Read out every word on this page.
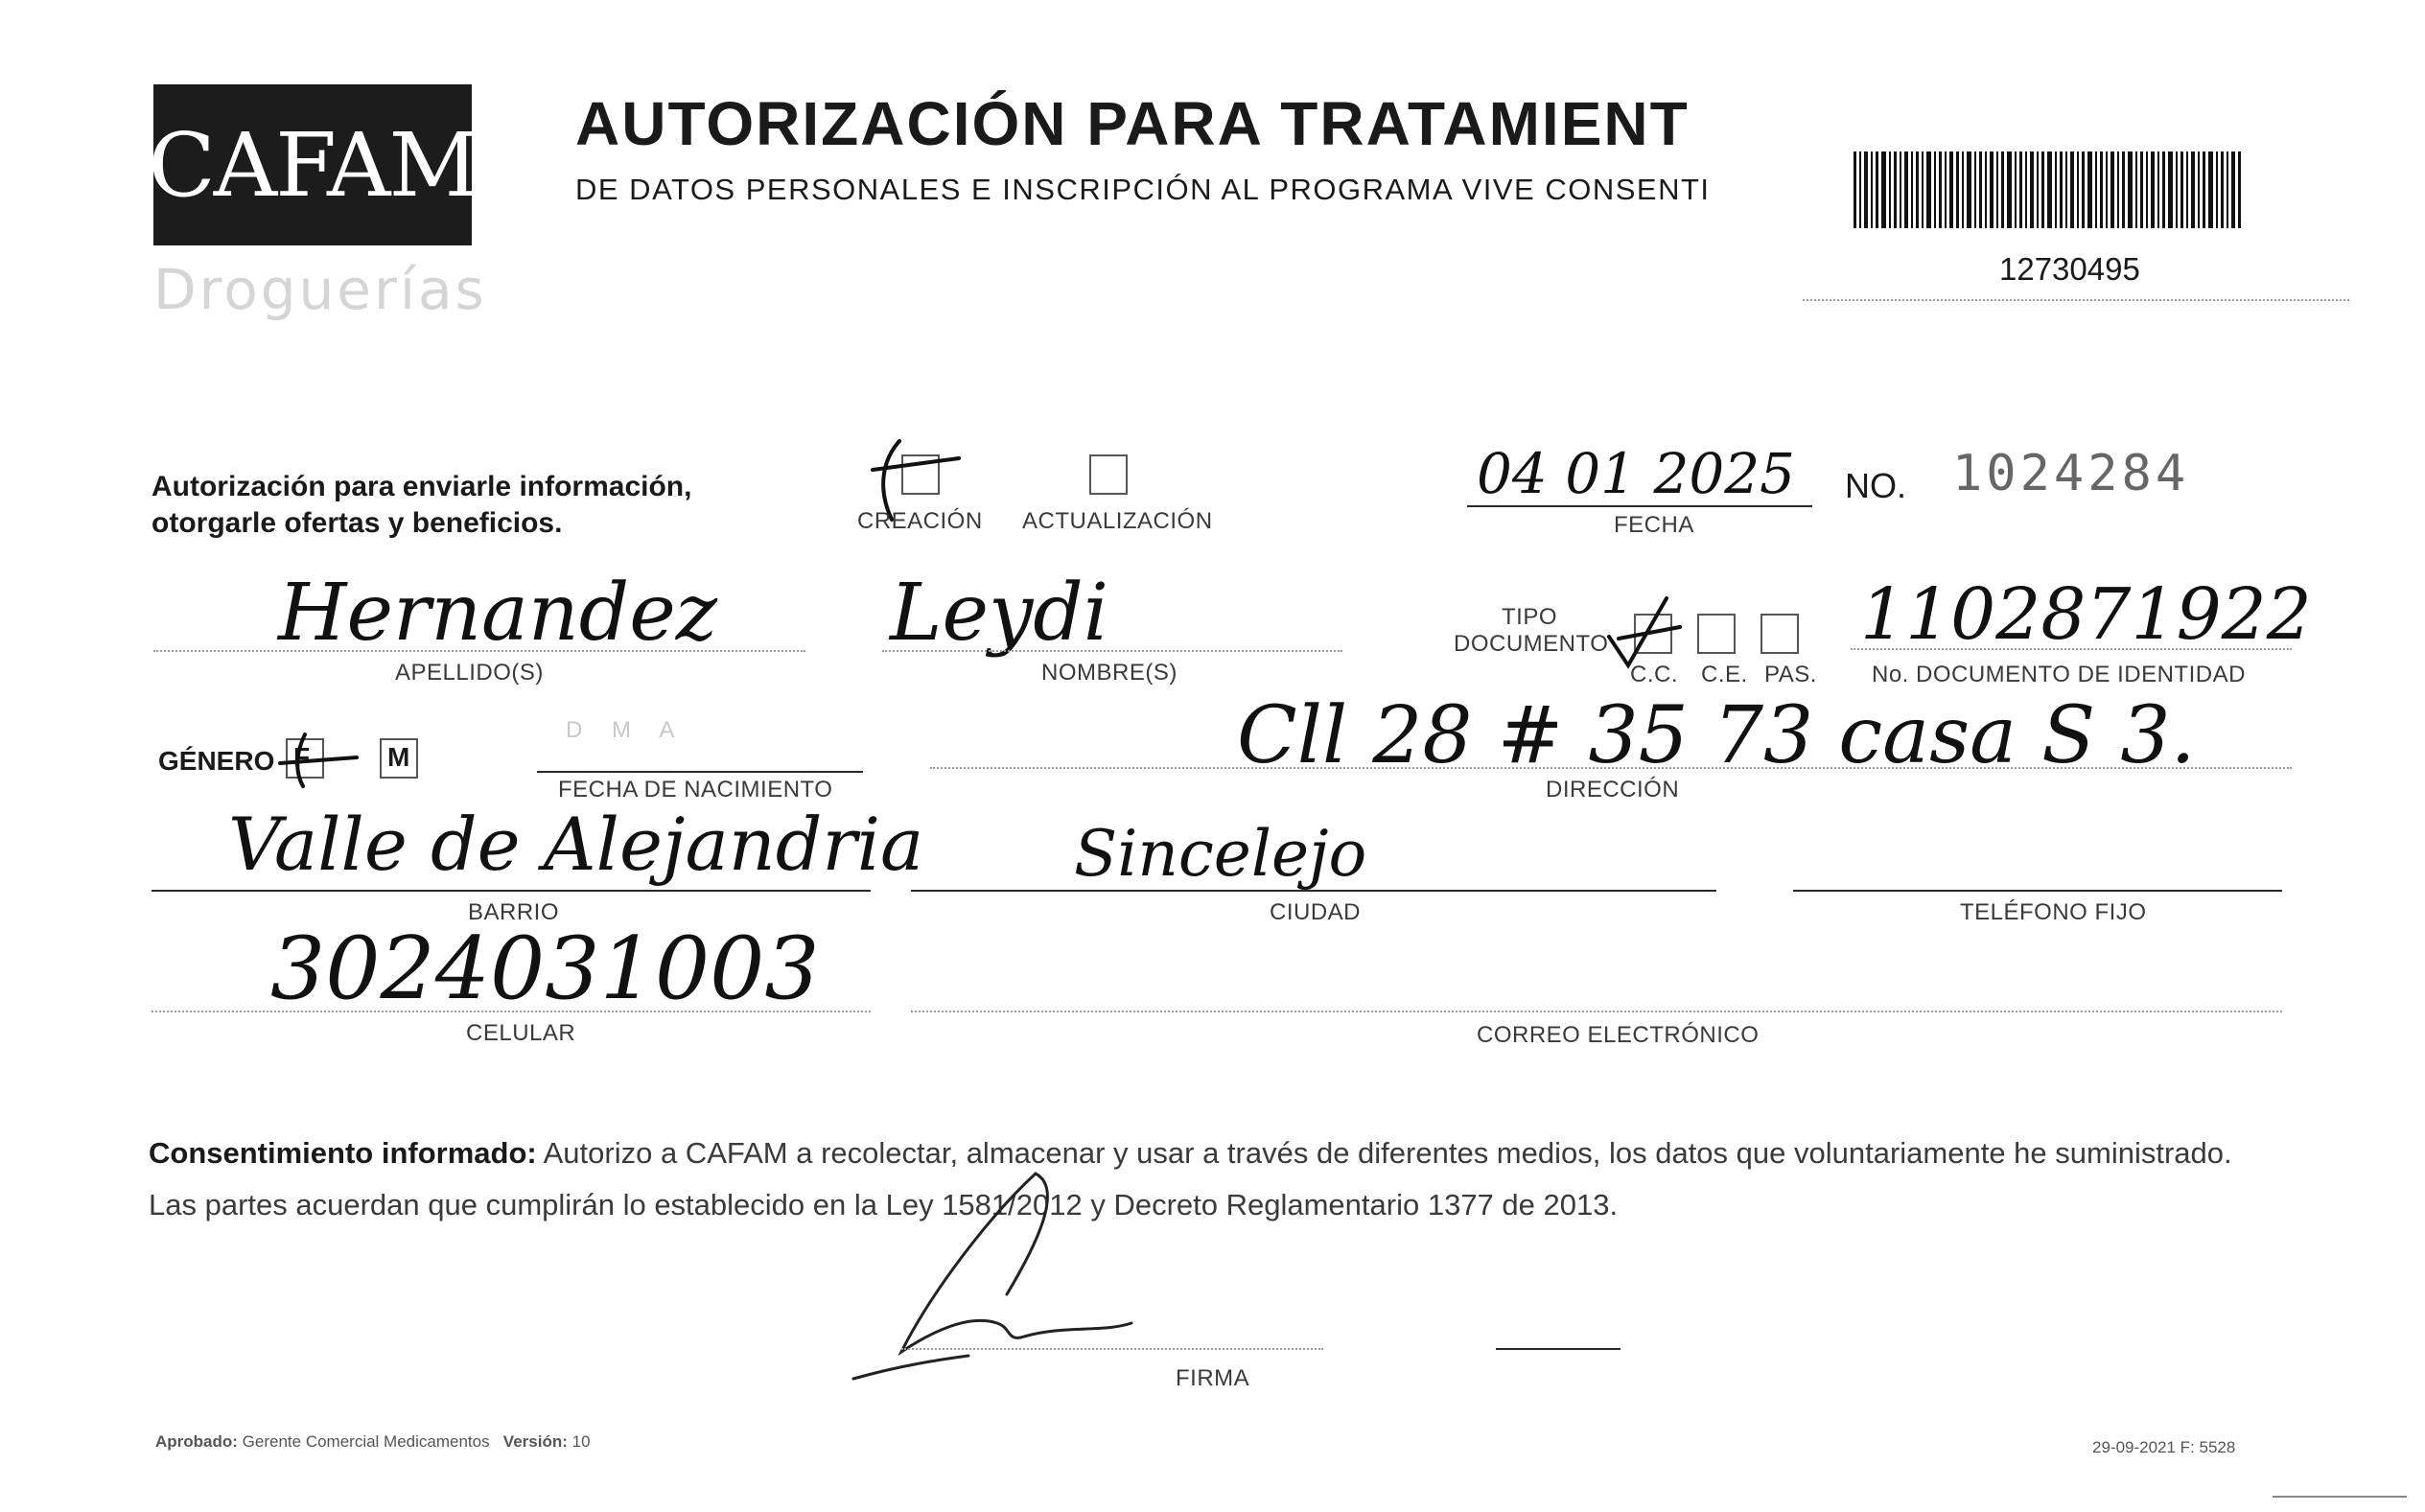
CAFAM
Droguerías
AUTORIZACIÓN PARA TRATAMIENT
DE DATOS PERSONALES E INSCRIPCIÓN AL PROGRAMA VIVE CONSENTI
12730495
Autorización para enviarle información,
otorgarle ofertas y beneficios.	CREACIÓN ACTUALIZACIÓN
04 01 2025
FECHA
NO. 1024284
Hernandez
APELLIDO(S)
Leydi
NOMBRE(S)
TIPO
DOCUMENTO
C.C. C.E. PAS.
1102871922
No. DOCUMENTO DE IDENTIDAD
GÉNERO F	M
D M A
FECHA DE NACIMIENTO
Cll 28 # 35 73 casa S 3.
DIRECCIÓN
Valle de Alejandria
BARRIO
Sincelejo
CIUDAD	TELÉFONO FIJO
3024031003
CELULAR	CORREO ELECTRÓNICO
Consentimiento informado: Autorizo a CAFAM a recolectar, almacenar y usar a través de diferentes medios, los datos que voluntariamente he suministrado.
Las partes acuerdan que cumplirán lo establecido en la Ley 1581/2012 y Decreto Reglamentario 1377 de 2013.
FIRMA
Aprobado: Gerente Comercial Medicamentos Versión: 10	29-09-2021 F: 5528
